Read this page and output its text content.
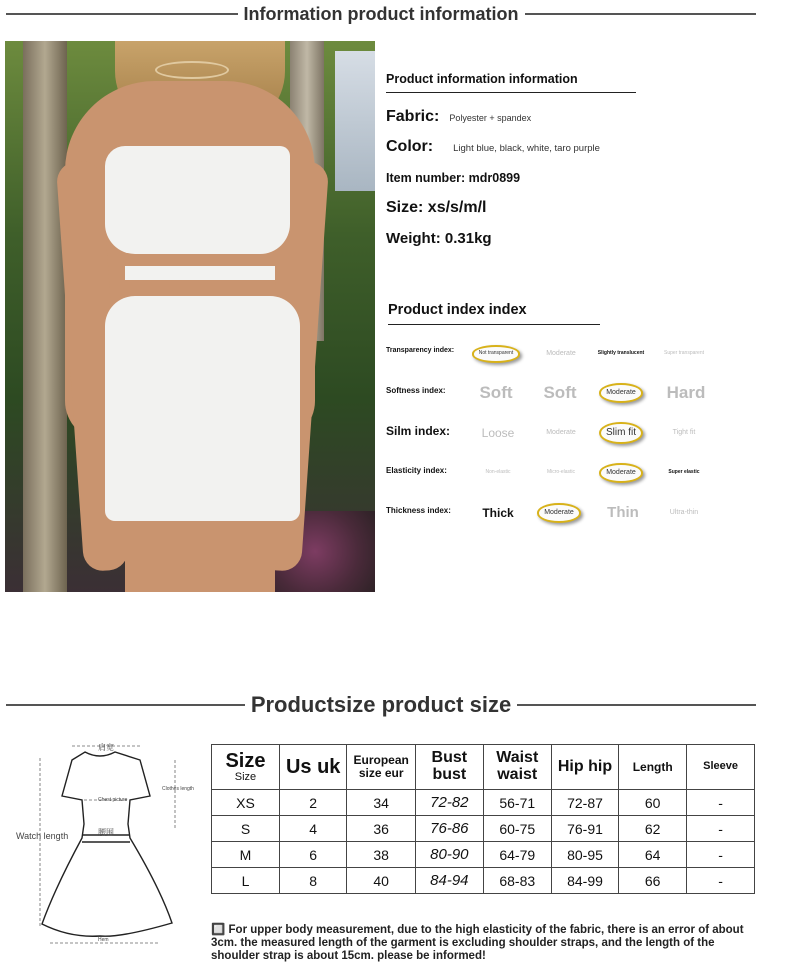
Information product information
Product information information
Fabric: Polyester + spandex
Color: Light blue, black, white, taro purple
Item number: mdr0899
Size: xs/s/m/l
Weight: 0.31kg
Product index index
Transparency index:	Not transparent	Moderate	Slightly translucent	Super transparent
Softness index:	Soft	Soft	Moderate	Hard
Silm index:	Loose	Moderate	Slim fit	Tight fit
Elasticity index:	Non-elastic	Micro-elastic	Moderate	Super elastic
Thickness index:	Thick	Moderate	Thin	Ultra-thin
Productsize product size
肩宽
Chest picture
Clothes length
腰围
Hem
Watch length
Size
Size	Us uk	European size eur	Bust bust	Waist waist	Hip hip	Length	Sleeve
XS	2	34	72-82	56-71	72-87	60	-
S	4	36	76-86	60-75	76-91	62	-
M	6	38	80-90	64-79	80-95	64	-
L	8	40	84-94	68-83	84-99	66	-
🔲 For upper body measurement, due to the high elasticity of the fabric, there is an error of about 3cm. the measured length of the garment is excluding shoulder straps, and the length of the shoulder strap is about 15cm. please be informed!
